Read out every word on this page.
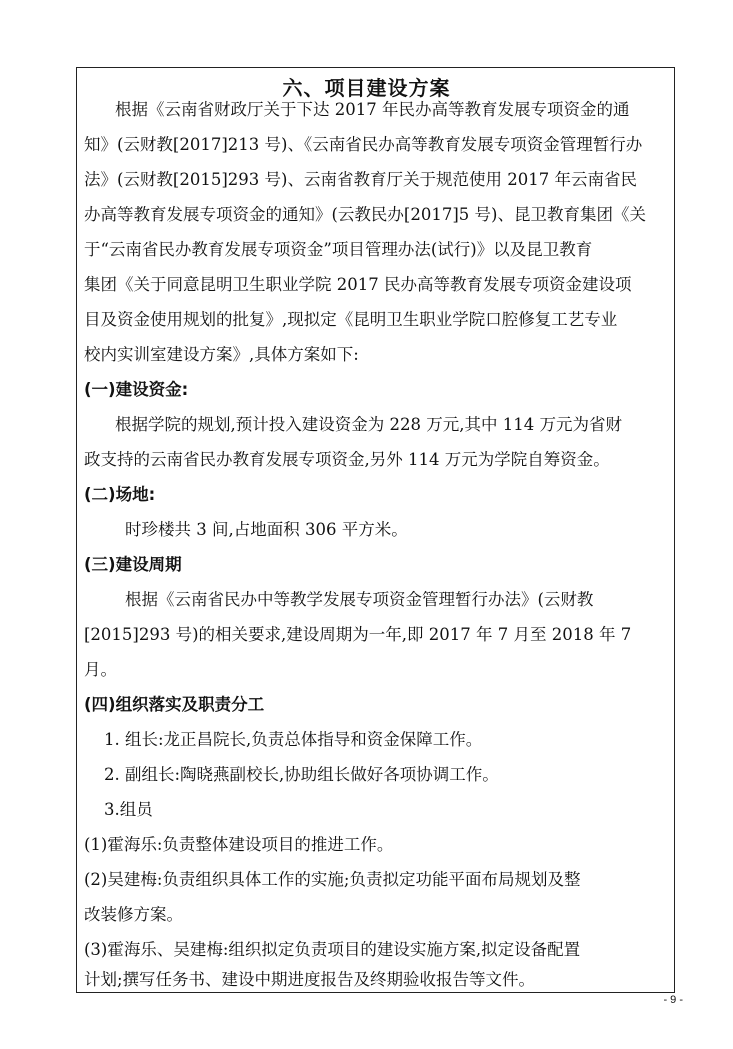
六、项目建设方案
根据《云南省财政厅关于下达 2017 年民办高等教育发展专项资金的通
知》(云财教[2017]213 号)、《云南省民办高等教育发展专项资金管理暂行办
法》(云财教[2015]293 号)、云南省教育厅关于规范使用 2017 年云南省民
办高等教育发展专项资金的通知》(云教民办[2017]5 号)、昆卫教育集团《关
于“云南省民办教育发展专项资金”项目管理办法(试行)》以及昆卫教育
集团《关于同意昆明卫生职业学院 2017 民办高等教育发展专项资金建设项
目及资金使用规划的批复》,现拟定《昆明卫生职业学院口腔修复工艺专业
校内实训室建设方案》,具体方案如下:
(一)建设资金:
根据学院的规划,预计投入建设资金为 228 万元,其中 114 万元为省财
政支持的云南省民办教育发展专项资金,另外 114 万元为学院自筹资金。
(二)场地:
时珍楼共 3 间,占地面积 306 平方米。
(三)建设周期
根据《云南省民办中等教学发展专项资金管理暂行办法》(云财教
[2015]293 号)的相关要求,建设周期为一年,即 2017 年 7 月至 2018 年 7
月。
(四)组织落实及职责分工
1. 组长:龙正昌院长,负责总体指导和资金保障工作。
2. 副组长:陶晓燕副校长,协助组长做好各项协调工作。
3.组员
(1)霍海乐:负责整体建设项目的推进工作。
(2)吴建梅:负责组织具体工作的实施;负责拟定功能平面布局规划及整
改装修方案。
(3)霍海乐、吴建梅:组织拟定负责项目的建设实施方案,拟定设备配置
计划;撰写任务书、建设中期进度报告及终期验收报告等文件。
- 9 -
